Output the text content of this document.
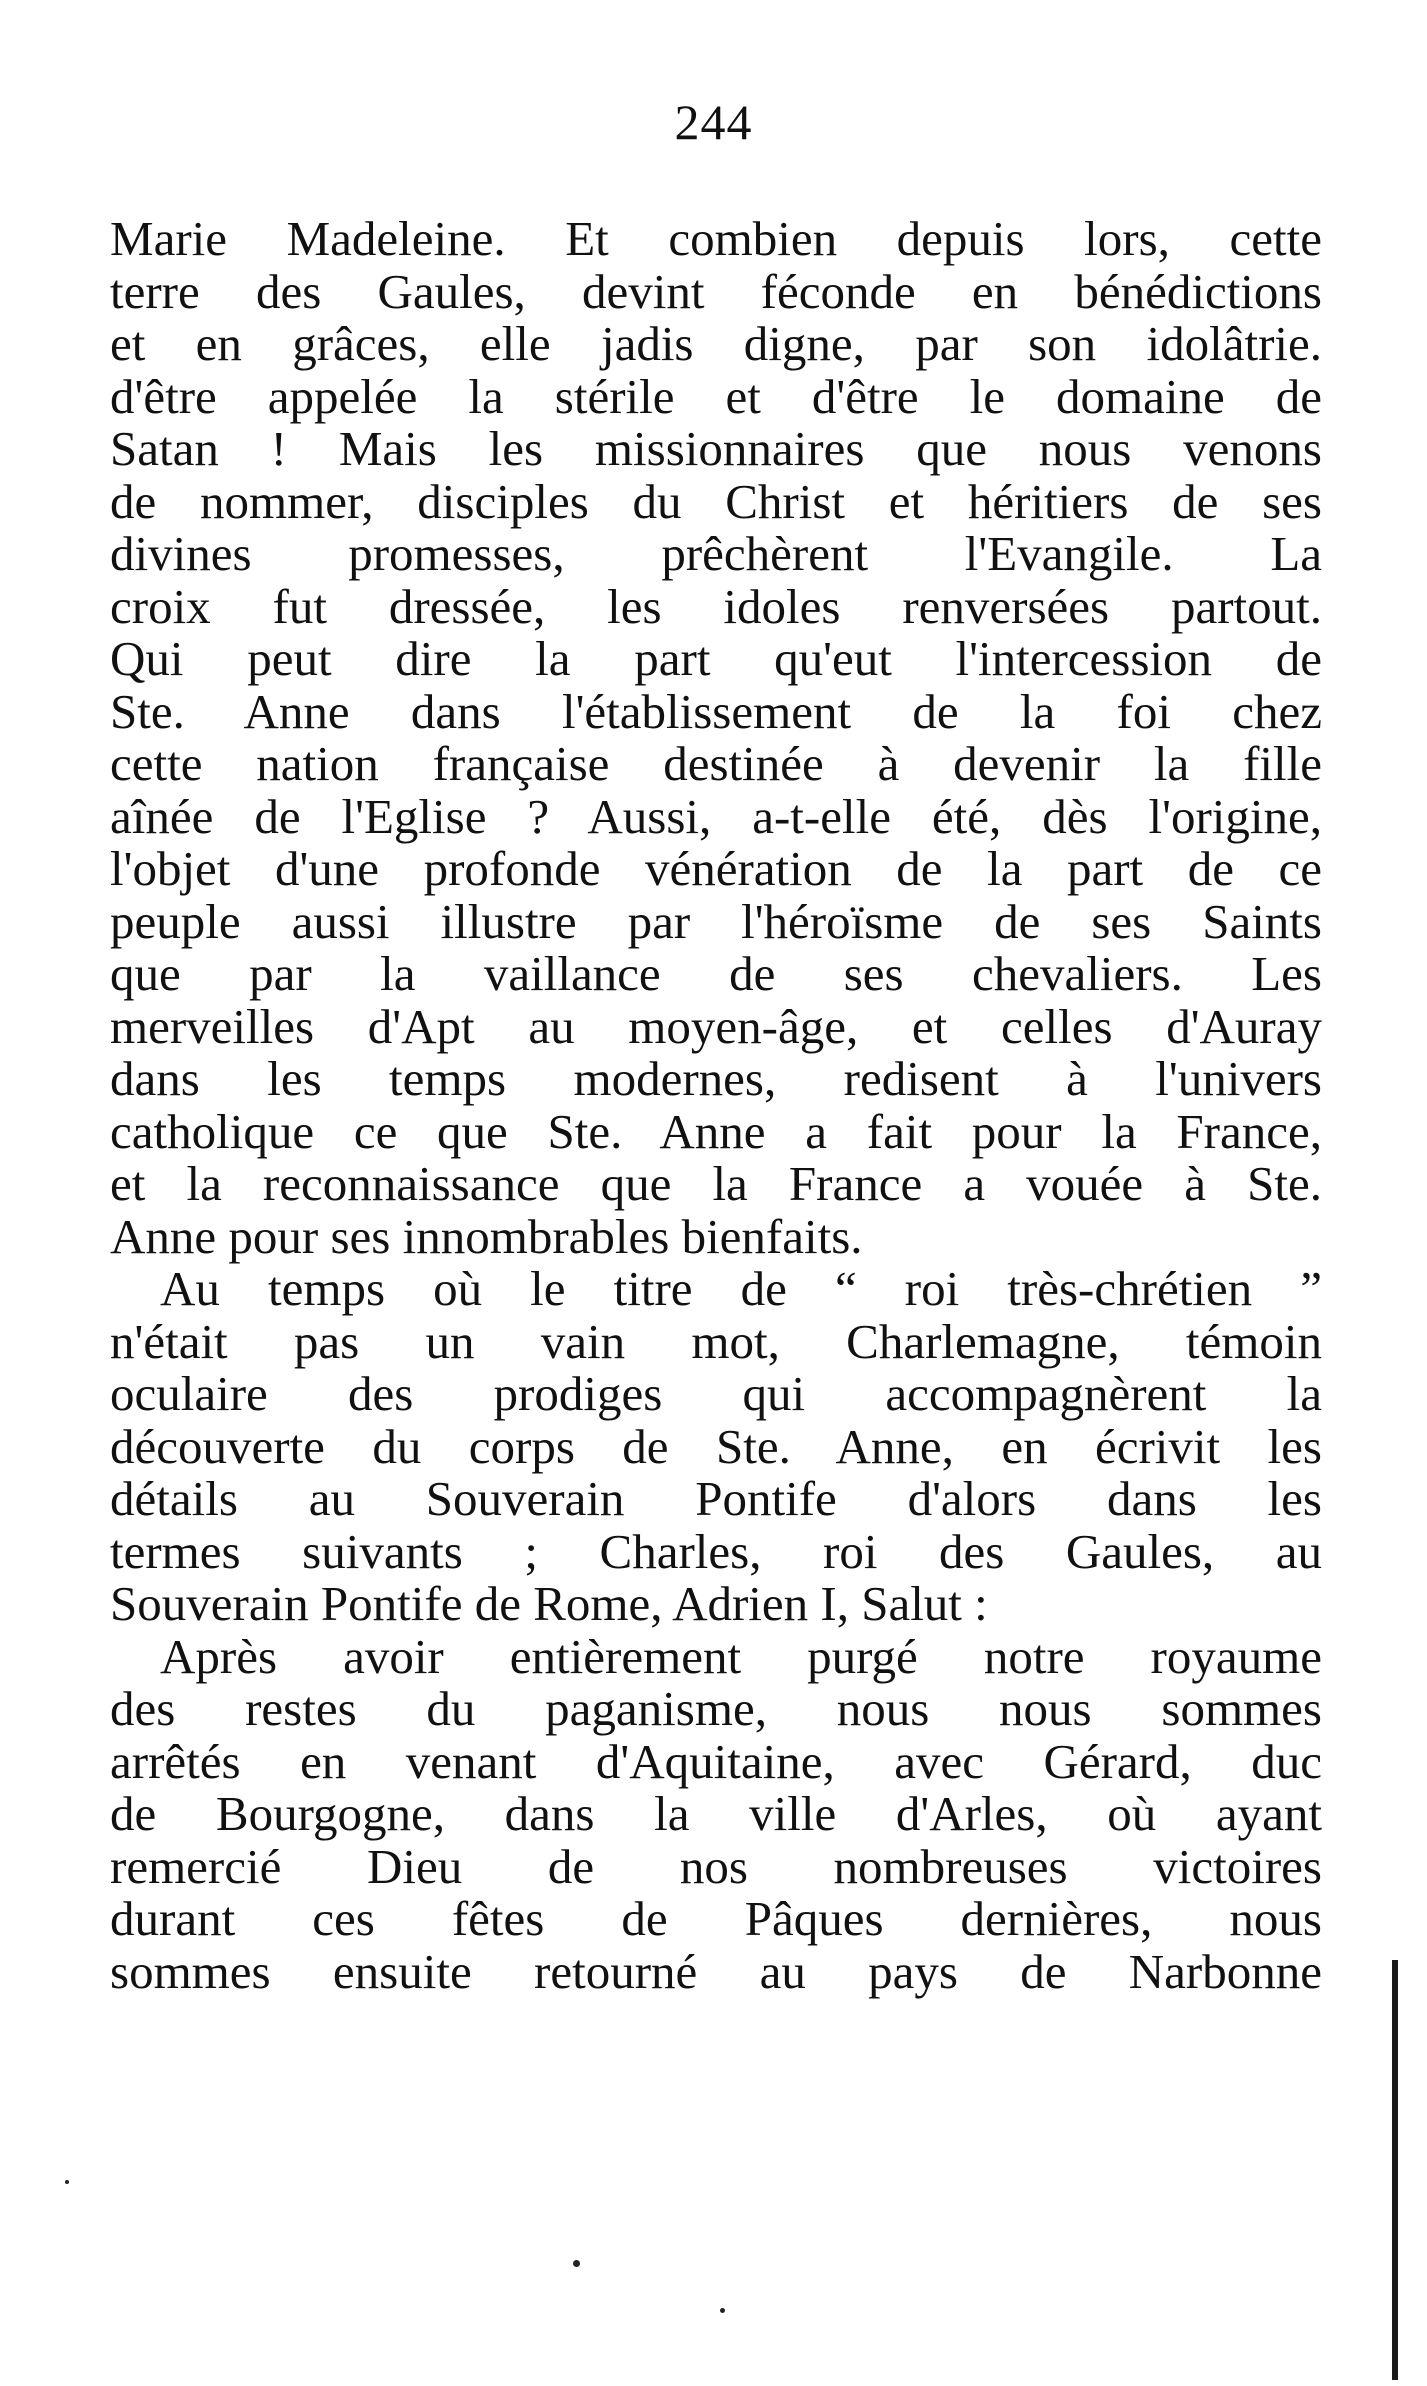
244
Marie Madeleine. Et combien depuis lors, cette
terre des Gaules, devint féconde en bénédictions
et en grâces, elle jadis digne, par son idolâtrie.
d'être appelée la stérile et d'être le domaine de
Satan ! Mais les missionnaires que nous venons
de nommer, disciples du Christ et héritiers de ses
divines promesses, prêchèrent l'Evangile. La
croix fut dressée, les idoles renversées partout.
Qui peut dire la part qu'eut l'intercession de
Ste. Anne dans l'établissement de la foi chez
cette nation française destinée à devenir la fille
aînée de l'Eglise ? Aussi, a-t-elle été, dès l'origine,
l'objet d'une profonde vénération de la part de ce
peuple aussi illustre par l'héroïsme de ses Saints
que par la vaillance de ses chevaliers. Les
merveilles d'Apt au moyen-âge, et celles d'Auray
dans les temps modernes, redisent à l'univers
catholique ce que Ste. Anne a fait pour la France,
et la reconnaissance que la France a vouée à Ste.
Anne pour ses innombrables bienfaits.
Au temps où le titre de “ roi très-chrétien ”
n'était pas un vain mot, Charlemagne, témoin
oculaire des prodiges qui accompagnèrent la
découverte du corps de Ste. Anne, en écrivit les
détails au Souverain Pontife d'alors dans les
termes suivants ; Charles, roi des Gaules, au
Souverain Pontife de Rome, Adrien I, Salut :
Après avoir entièrement purgé notre royaume
des restes du paganisme, nous nous sommes
arrêtés en venant d'Aquitaine, avec Gérard, duc
de Bourgogne, dans la ville d'Arles, où ayant
remercié Dieu de nos nombreuses victoires
durant ces fêtes de Pâques dernières, nous
sommes ensuite retourné au pays de Narbonne
